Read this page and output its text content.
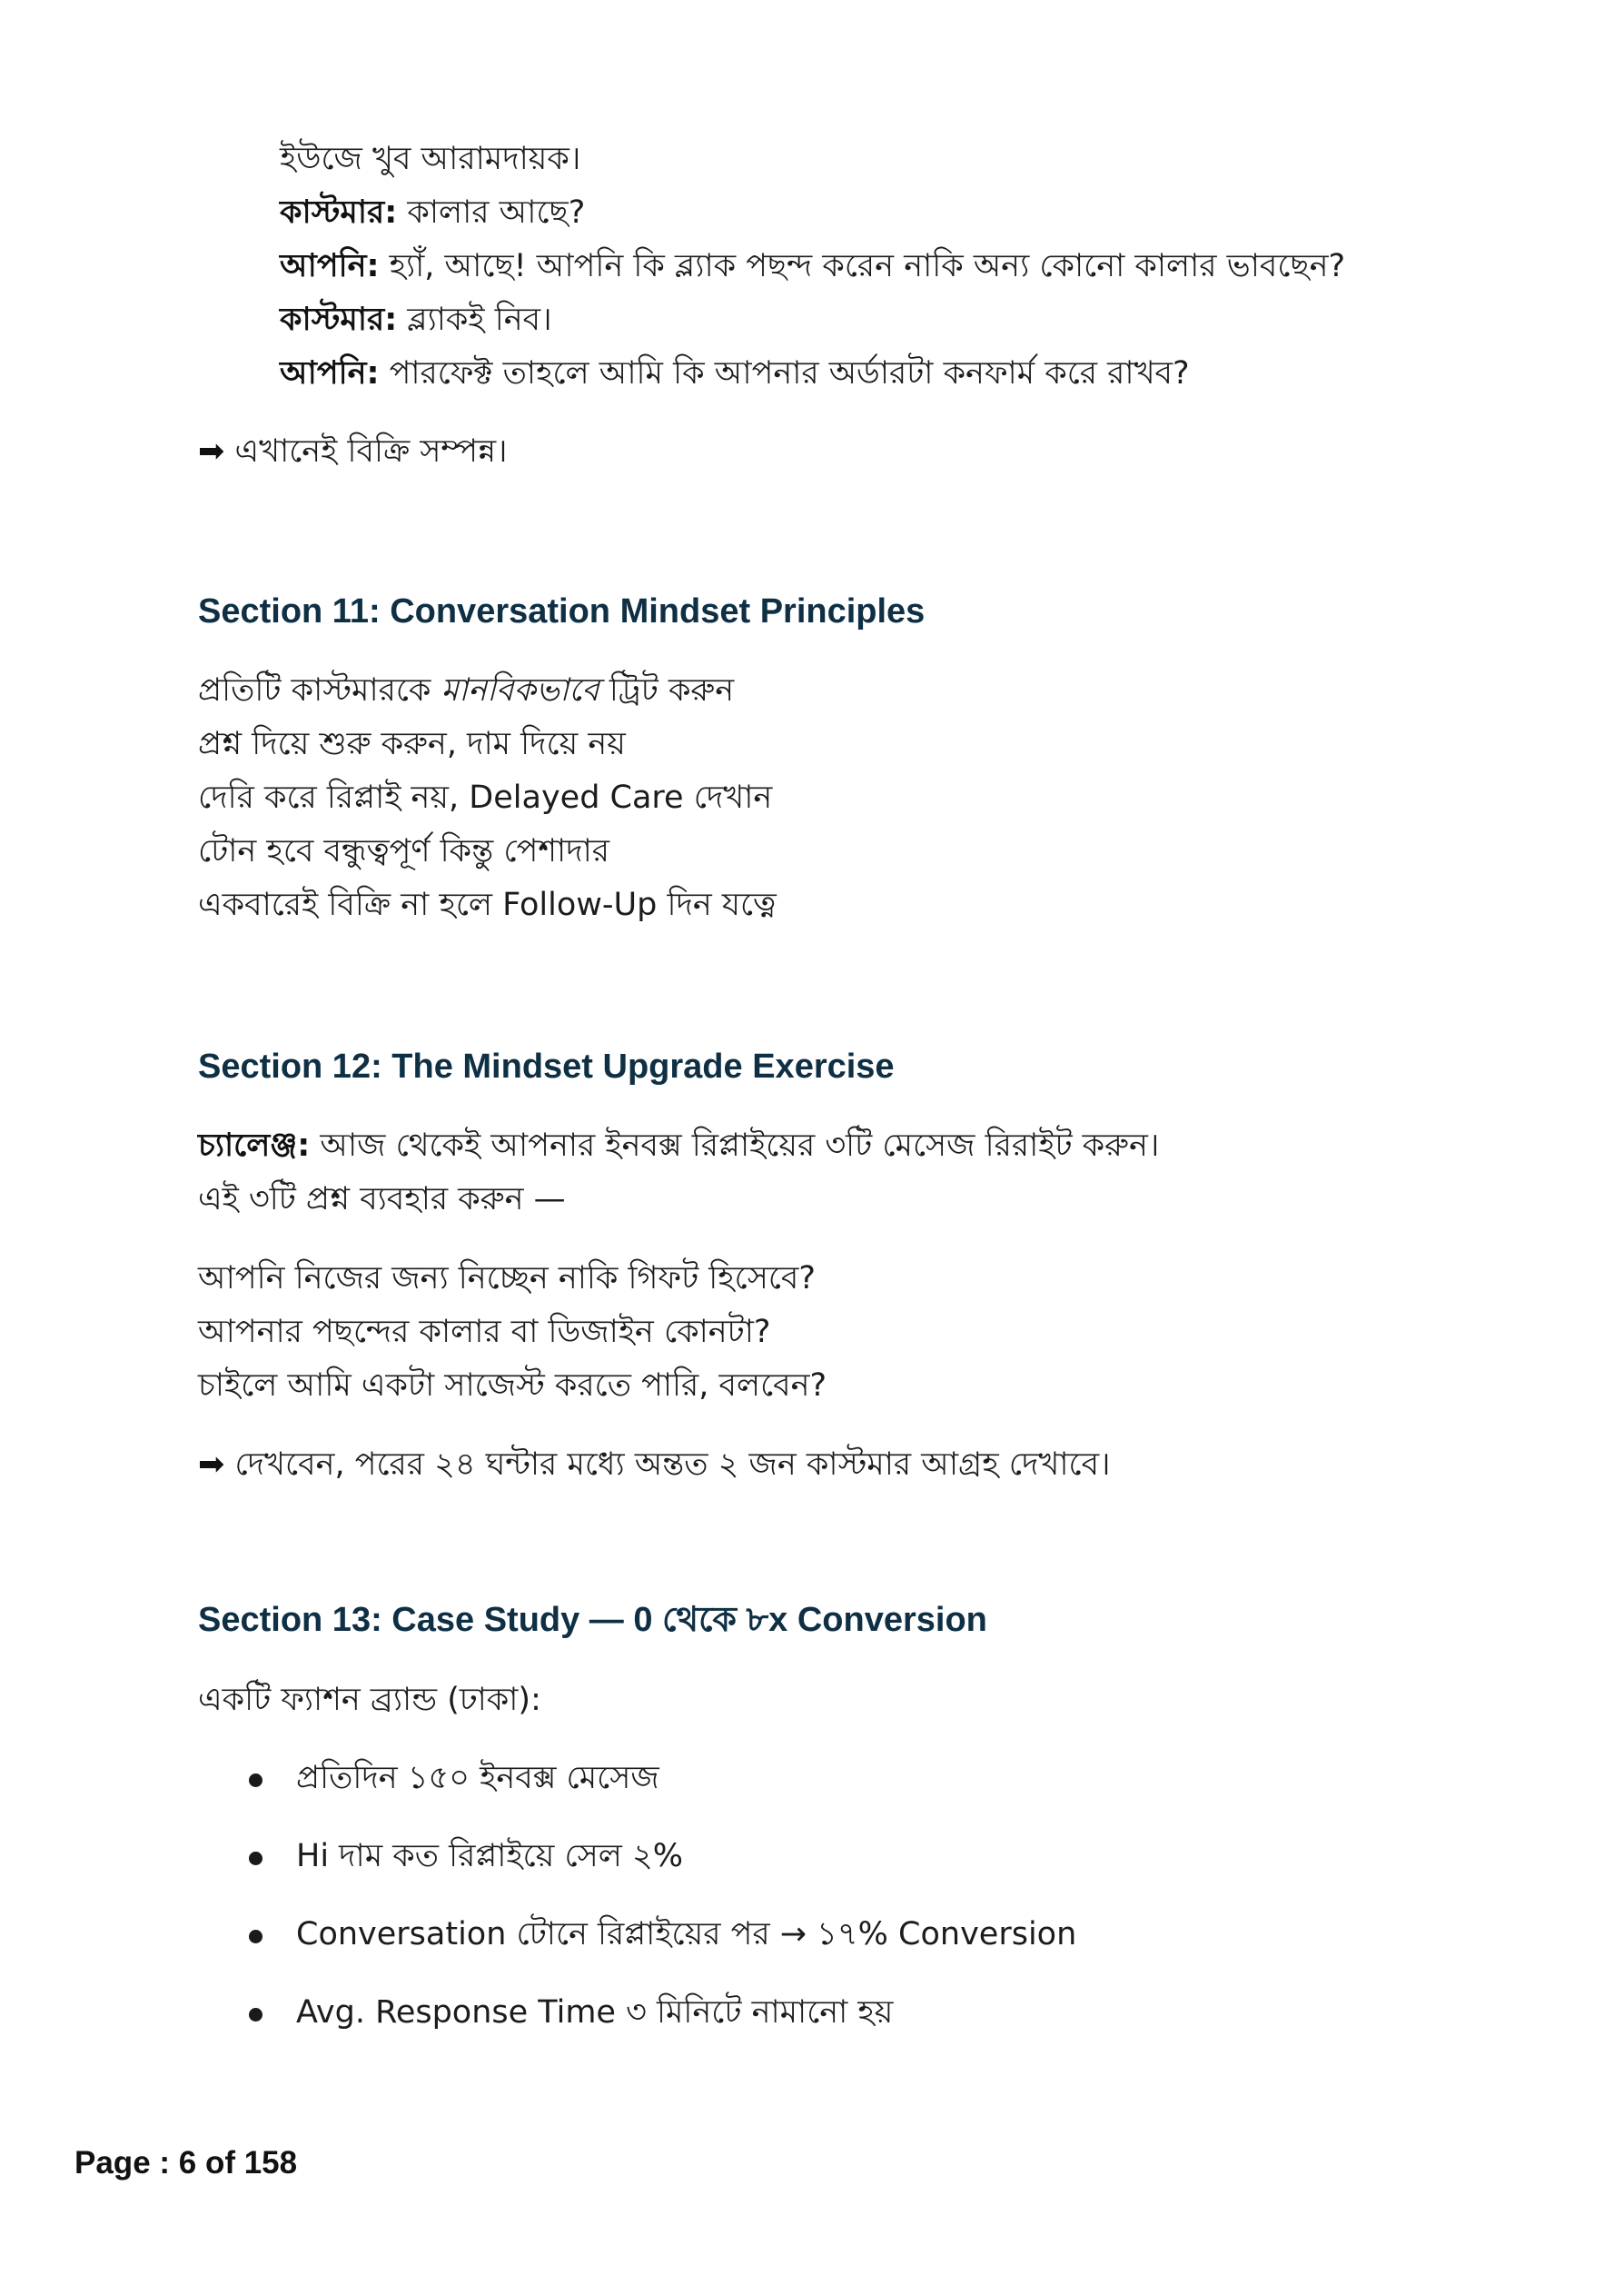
ইউজে খুব আরামদায়ক।
কাস্টমার: কালার আছে?
আপনি: হ্যাঁ, আছে! আপনি কি ব্ল্যাক পছন্দ করেন নাকি অন্য কোনো কালার ভাবছেন?
কাস্টমার: ব্ল্যাকই নিব।
আপনি: পারফেক্ট তাহলে আমি কি আপনার অর্ডারটা কনফার্ম করে রাখব?
➡ এখানেই বিক্রি সম্পন্ন।
Section 11: Conversation Mindset Principles
প্রতিটি কাস্টমারকে মানবিকভাবে ট্রিট করুন
প্রশ্ন দিয়ে শুরু করুন, দাম দিয়ে নয়
দেরি করে রিপ্লাই নয়, Delayed Care দেখান
টোন হবে বন্ধুত্বপূর্ণ কিন্তু পেশাদার
একবারেই বিক্রি না হলে Follow-Up দিন যত্নে
Section 12: The Mindset Upgrade Exercise
চ্যালেঞ্জ: আজ থেকেই আপনার ইনবক্স রিপ্লাইয়ের ৩টি মেসেজ রিরাইট করুন।
এই ৩টি প্রশ্ন ব্যবহার করুন —
আপনি নিজের জন্য নিচ্ছেন নাকি গিফট হিসেবে?
আপনার পছন্দের কালার বা ডিজাইন কোনটা?
চাইলে আমি একটা সাজেস্ট করতে পারি, বলবেন?
➡ দেখবেন, পরের ২৪ ঘন্টার মধ্যে অন্তত ২ জন কাস্টমার আগ্রহ দেখাবে।
Section 13: Case Study — 0 থেকে ৮x Conversion
একটি ফ্যাশন ব্র্যান্ড (ঢাকা):
প্রতিদিন ১৫০ ইনবক্স মেসেজ
Hi দাম কত রিপ্লাইয়ে সেল ২%
Conversation টোনে রিপ্লাইয়ের পর → ১৭% Conversion
Avg. Response Time ৩ মিনিটে নামানো হয়
Page : 6 of 158
